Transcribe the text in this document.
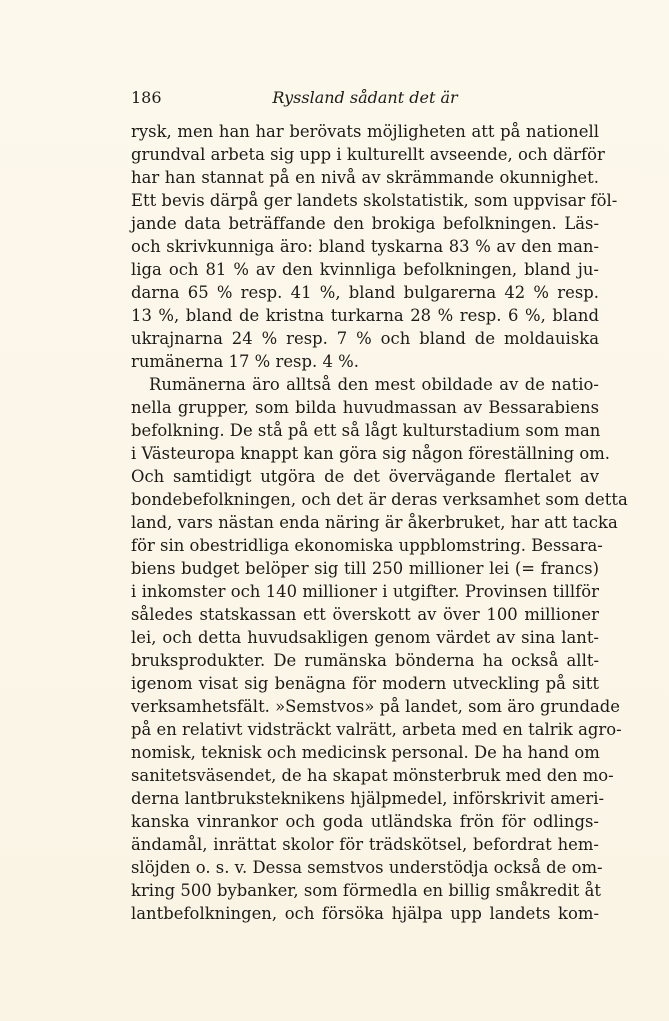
186	Ryssland sådant det är
rysk, men han har berövats möjligheten att på nationell
grundval arbeta sig upp i kulturellt avseende, och därför
har han stannat på en nivå av skrämmande okunnighet.
Ett bevis därpå ger landets skolstatistik, som uppvisar föl-
jande data beträffande den brokiga befolkningen. Läs-
och skrivkunniga äro: bland tyskarna 83 % av den man-
liga och 81 % av den kvinnliga befolkningen, bland ju-
darna 65 % resp. 41 %, bland bulgarerna 42 % resp.
13 %, bland de kristna turkarna 28 % resp. 6 %, bland
ukrajnarna 24 % resp. 7 % och bland de moldauiska
rumänerna 17 % resp. 4 %.
Rumänerna äro alltså den mest obildade av de natio-
nella grupper, som bilda huvudmassan av Bessarabiens
befolkning. De stå på ett så lågt kulturstadium som man
i Västeuropa knappt kan göra sig någon föreställning om.
Och samtidigt utgöra de det övervägande flertalet av
bondebefolkningen, och det är deras verksamhet som detta
land, vars nästan enda näring är åkerbruket, har att tacka
för sin obestridliga ekonomiska uppblomstring. Bessara-
biens budget belöper sig till 250 millioner lei (= francs)
i inkomster och 140 millioner i utgifter. Provinsen tillför
således statskassan ett överskott av över 100 millioner
lei, och detta huvudsakligen genom värdet av sina lant-
bruksprodukter. De rumänska bönderna ha också allt-
igenom visat sig benägna för modern utveckling på sitt
verksamhetsfält. »Semstvos» på landet, som äro grundade
på en relativt vidsträckt valrätt, arbeta med en talrik agro-
nomisk, teknisk och medicinsk personal. De ha hand om
sanitetsväsendet, de ha skapat mönsterbruk med den mo-
derna lantbruksteknikens hjälpmedel, införskrivit ameri-
kanska vinrankor och goda utländska frön för odlings-
ändamål, inrättat skolor för trädskötsel, befordrat hem-
slöjden o. s. v. Dessa semstvos understödja också de om-
kring 500 bybanker, som förmedla en billig småkredit åt
lantbefolkningen, och försöka hjälpa upp landets kom-
